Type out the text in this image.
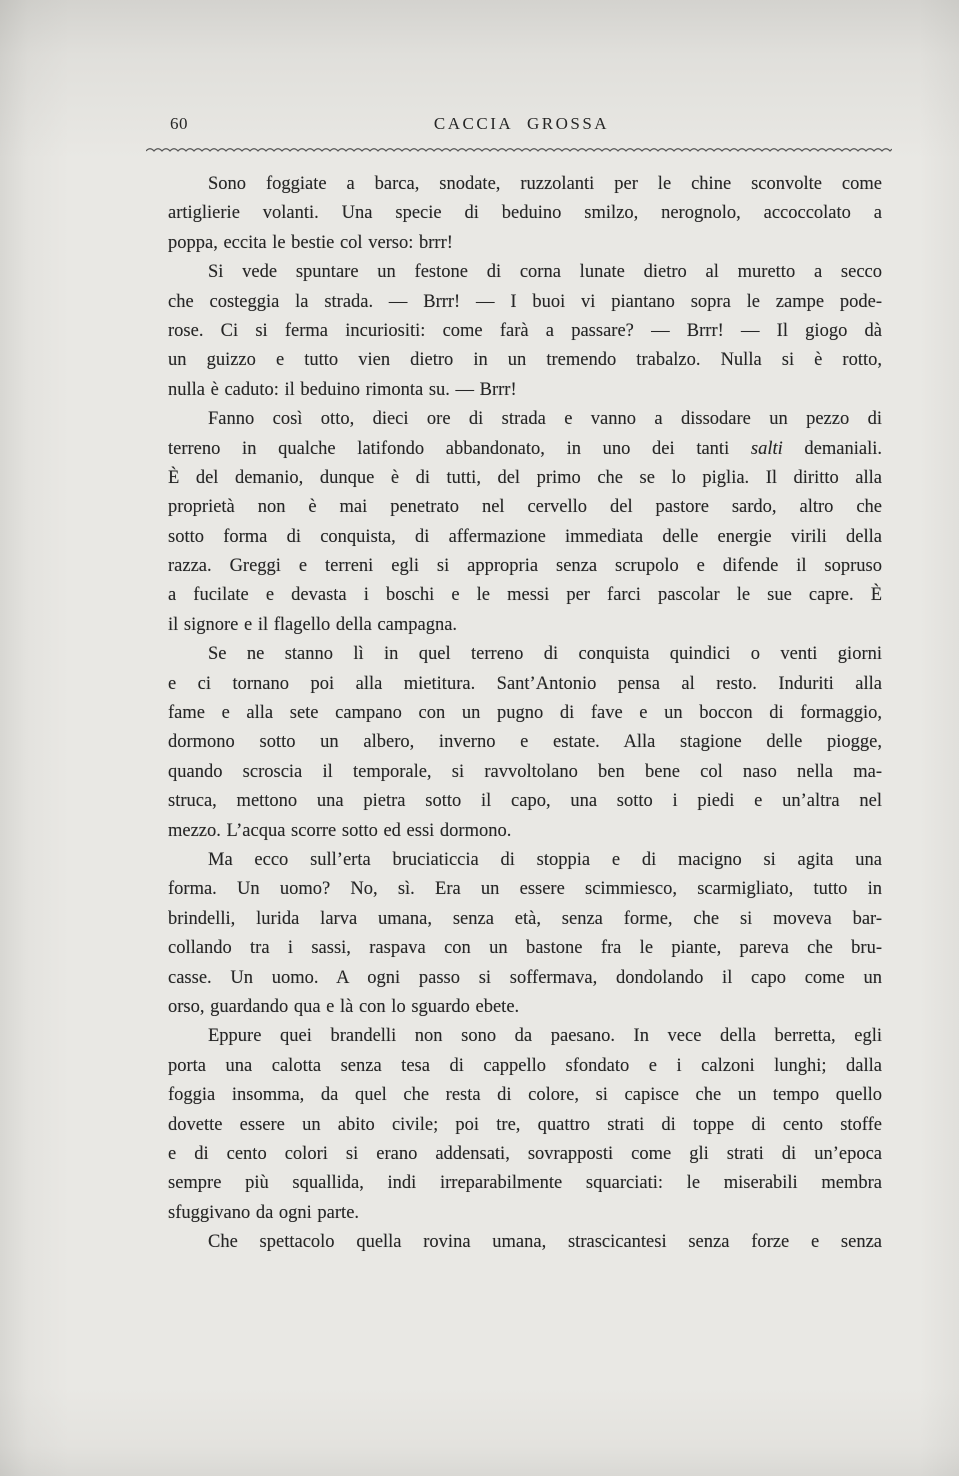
60	CACCIA GROSSA
Sono foggiate a barca, snodate, ruzzolanti per le chine sconvolte come
artiglierie volanti. Una specie di beduino smilzo, nerognolo, accoccolato a
poppa, eccita le bestie col verso: brrr!
Si vede spuntare un festone di corna lunate dietro al muretto a secco
che costeggia la strada. — Brrr! — I buoi vi piantano sopra le zampe pode-
rose. Ci si ferma incuriositi: come farà a passare? — Brrr! — Il giogo dà
un guizzo e tutto vien dietro in un tremendo trabalzo. Nulla si è rotto,
nulla è caduto: il beduino rimonta su. — Brrr!
Fanno così otto, dieci ore di strada e vanno a dissodare un pezzo di
terreno in qualche latifondo abbandonato, in uno dei tanti salti demaniali.
È del demanio, dunque è di tutti, del primo che se lo piglia. Il diritto alla
proprietà non è mai penetrato nel cervello del pastore sardo, altro che
sotto forma di conquista, di affermazione immediata delle energie virili della
razza. Greggi e terreni egli si appropria senza scrupolo e difende il sopruso
a fucilate e devasta i boschi e le messi per farci pascolar le sue capre. È
il signore e il flagello della campagna.
Se ne stanno lì in quel terreno di conquista quindici o venti giorni
e ci tornano poi alla mietitura. Sant’Antonio pensa al resto. Induriti alla
fame e alla sete campano con un pugno di fave e un boccon di formaggio,
dormono sotto un albero, inverno e estate. Alla stagione delle piogge,
quando scroscia il temporale, si ravvoltolano ben bene col naso nella ma-
struca, mettono una pietra sotto il capo, una sotto i piedi e un’altra nel
mezzo. L’acqua scorre sotto ed essi dormono.
Ma ecco sull’erta bruciaticcia di stoppia e di macigno si agita una
forma. Un uomo? No, sì. Era un essere scimmiesco, scarmigliato, tutto in
brindelli, lurida larva umana, senza età, senza forme, che si moveva bar-
collando tra i sassi, raspava con un bastone fra le piante, pareva che bru-
casse. Un uomo. A ogni passo si soffermava, dondolando il capo come un
orso, guardando qua e là con lo sguardo ebete.
Eppure quei brandelli non sono da paesano. In vece della berretta, egli
porta una calotta senza tesa di cappello sfondato e i calzoni lunghi; dalla
foggia insomma, da quel che resta di colore, si capisce che un tempo quello
dovette essere un abito civile; poi tre, quattro strati di toppe di cento stoffe
e di cento colori si erano addensati, sovrapposti come gli strati di un’epoca
sempre più squallida, indi irreparabilmente squarciati: le miserabili membra
sfuggivano da ogni parte.
Che spettacolo quella rovina umana, strascicantesi senza forze e senza
